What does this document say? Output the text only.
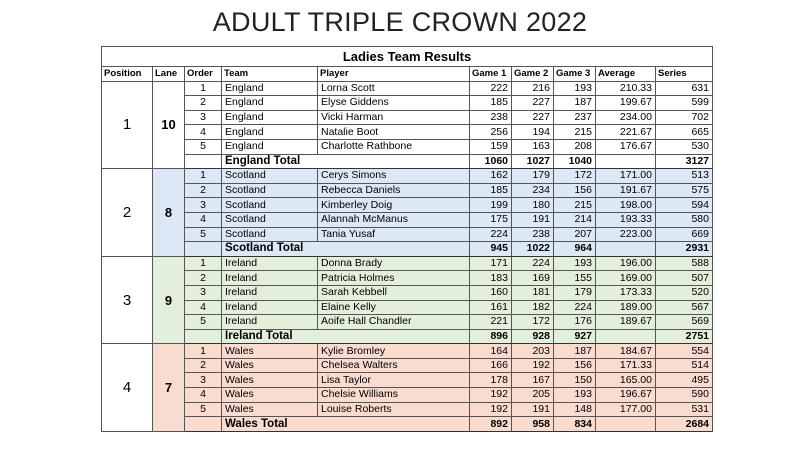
ADULT TRIPLE CROWN 2022
Ladies Team Results									
Position	Lane	Order	Team	Player	Game 1	Game 2	Game 3	Average	Series
1	10	1	England	Lorna Scott	222	216	193	210.33	631
		2	England	Elyse Giddens	185	227	187	199.67	599
		3	England	Vicki Harman	238	227	237	234.00	702
		4	England	Natalie Boot	256	194	215	221.67	665
		5	England	Charlotte Rathbone	159	163	208	176.67	530
			England Total		1060	1027	1040		3127
2	8	1	Scotland	Cerys Simons	162	179	172	171.00	513
		2	Scotland	Rebecca Daniels	185	234	156	191.67	575
		3	Scotland	Kimberley Doig	199	180	215	198.00	594
		4	Scotland	Alannah McManus	175	191	214	193.33	580
		5	Scotland	Tania Yusaf	224	238	207	223.00	669
			Scotland Total		945	1022	964		2931
3	9	1	Ireland	Donna Brady	171	224	193	196.00	588
		2	Ireland	Patricia Holmes	183	169	155	169.00	507
		3	Ireland	Sarah Kebbell	160	181	179	173.33	520
		4	Ireland	Elaine Kelly	161	182	224	189.00	567
		5	Ireland	Aoife Hall Chandler	221	172	176	189.67	569
			Ireland Total		896	928	927		2751
4	7	1	Wales	Kylie Bromley	164	203	187	184.67	554
		2	Wales	Chelsea Walters	166	192	156	171.33	514
		3	Wales	Lisa Taylor	178	167	150	165.00	495
		4	Wales	Chelsie Williams	192	205	193	196.67	590
		5	Wales	Louise Roberts	192	191	148	177.00	531
			Wales Total		892	958	834		2684
